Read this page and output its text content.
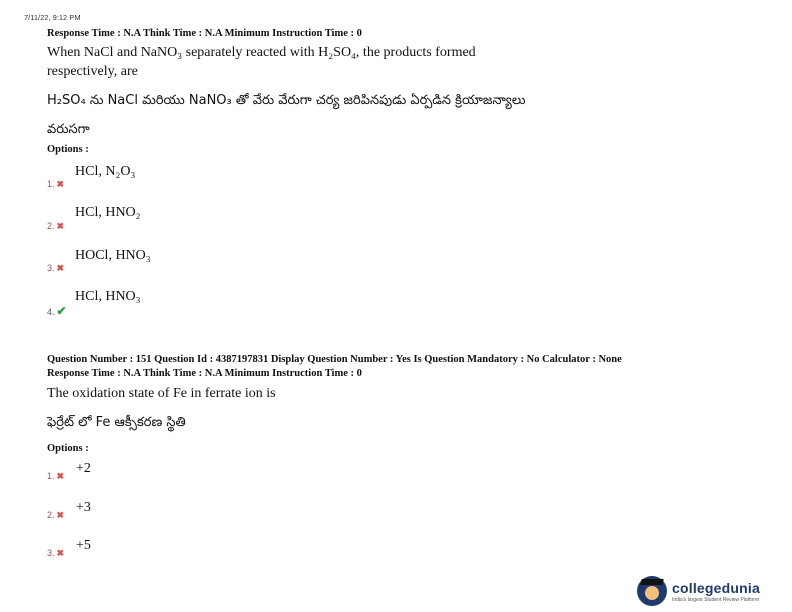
7/11/22, 9:12 PM
Response Time : N.A Think Time : N.A Minimum Instruction Time : 0
When NaCl and NaNO₃ separately reacted with H₂SO₄, the products formed
respectively, are
H₂SO₄ ను NaCl మరియు NaNO₃ తో వేరు వేరుగా చర్య జరిపినపుడు ఏర్పడిన క్రియాజన్యాలు
వరుసగా
Options :
1. ✖
HCl, N₂O₃
2. ✖
HCl, HNO₂
3. ✖
HOCl, HNO₃
4. ✔
HCl, HNO₃
Question Number : 151 Question Id : 4387197831 Display Question Number : Yes Is Question Mandatory : No Calculator : None
Response Time : N.A Think Time : N.A Minimum Instruction Time : 0
The oxidation state of Fe in ferrate ion is
ఫెర్రేట్ లో Fe ఆక్సీకరణ స్థితి
Options :
1. ✖ +2
2. ✖ +3
3. ✖ +5
collegedunia
India's largest Student Review Platform
